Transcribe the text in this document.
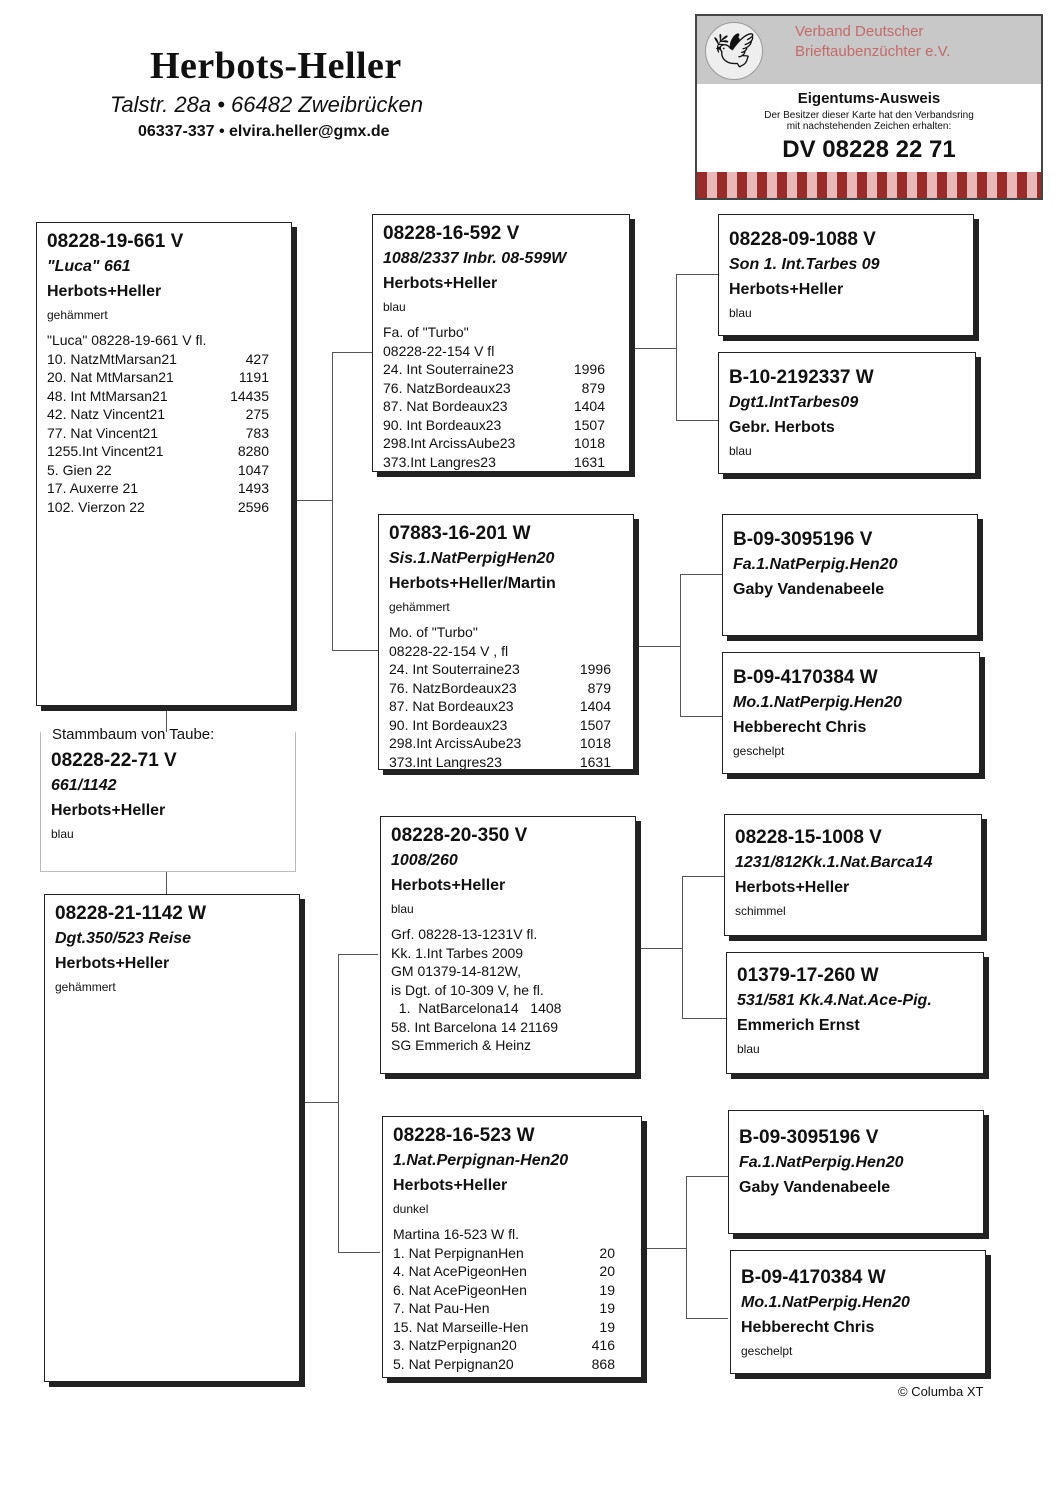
Herbots-Heller
Talstr. 28a • 66482 Zweibrücken
06337-337 • elvira.heller@gmx.de
🕊
Verband Deutscher
Brieftaubenzüchter e.V.
Eigentums-Ausweis
Der Besitzer dieser Karte hat den Verbandsring
mit nachstehenden Zeichen erhalten:
DV 08228 22 71
08228-19-661 V
"Luca" 661
Herbots+Heller
gehämmert
"Luca" 08228-19-661 V fl.
10. NatzMtMarsan21	427
20. Nat MtMarsan21	1191
48. Int MtMarsan21	14435
42. Natz Vincent21	275
77. Nat Vincent21	783
1255.Int Vincent21	8280
5. Gien 22	1047
17. Auxerre 21	1493
102. Vierzon 22	2596
Stammbaum von Taube:
08228-22-71 V
661/1142
Herbots+Heller
blau
08228-21-1142 W
Dgt.350/523 Reise
Herbots+Heller
gehämmert
08228-16-592 V
1088/2337 Inbr. 08-599W
Herbots+Heller
blau
Fa. of "Turbo"
08228-22-154 V fl
24. Int Souterraine23	1996
76. NatzBordeaux23	879
87. Nat Bordeaux23	1404
90. Int Bordeaux23	1507
298.Int ArcissAube23	1018
373.Int Langres23	1631
07883-16-201 W
Sis.1.NatPerpigHen20
Herbots+Heller/Martin
gehämmert
Mo. of "Turbo"
08228-22-154 V , fl
24. Int Souterraine23	1996
76. NatzBordeaux23	879
87. Nat Bordeaux23	1404
90. Int Bordeaux23	1507
298.Int ArcissAube23	1018
373.Int Langres23	1631
08228-20-350 V
1008/260
Herbots+Heller
blau
Grf. 08228-13-1231V fl.
Kk. 1.Int Tarbes 2009
GM 01379-14-812W,
is Dgt. of 10-309 V, he fl.
1.  NatBarcelona14   1408
58. Int Barcelona 14 21169
SG Emmerich & Heinz
08228-16-523 W
1.Nat.Perpignan-Hen20
Herbots+Heller
dunkel
Martina 16-523 W fl.
1. Nat PerpignanHen	20
4. Nat AcePigeonHen	20
6. Nat AcePigeonHen	19
7. Nat Pau-Hen	19
15. Nat Marseille-Hen	19
3. NatzPerpignan20	416
5. Nat Perpignan20	868
08228-09-1088 V
Son 1. Int.Tarbes 09
Herbots+Heller
blau
B-10-2192337 W
Dgt1.IntTarbes09
Gebr. Herbots
blau
B-09-3095196 V
Fa.1.NatPerpig.Hen20
Gaby Vandenabeele
B-09-4170384 W
Mo.1.NatPerpig.Hen20
Hebberecht Chris
geschelpt
08228-15-1008 V
1231/812Kk.1.Nat.Barca14
Herbots+Heller
schimmel
01379-17-260 W
531/581 Kk.4.Nat.Ace-Pig.
Emmerich Ernst
blau
B-09-3095196 V
Fa.1.NatPerpig.Hen20
Gaby Vandenabeele
B-09-4170384 W
Mo.1.NatPerpig.Hen20
Hebberecht Chris
geschelpt
© Columba XT
